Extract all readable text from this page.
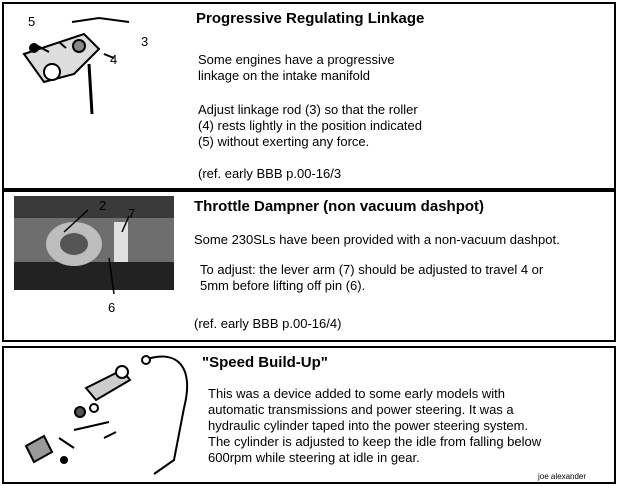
5
3
4
Progressive Regulating Linkage
Some engines have a progressive
linkage on the intake manifold
Adjust linkage rod (3) so that the roller
(4) rests lightly in the position indicated
(5) without exerting any force.
(ref. early BBB p.00-16/3
2
7
6
Throttle Dampner (non vacuum dashpot)
Some 230SLs have been provided with a non-vacuum dashpot.
To adjust: the lever arm (7) should be adjusted to travel 4 or
5mm before lifting off pin (6).
(ref. early BBB p.00-16/4)
"Speed Build-Up"
This was a device added to some early models with
automatic transmissions and power steering. It was a
hydraulic cylinder taped into the power steering system.
The cylinder is adjusted to keep the idle from falling below
600rpm while steering at idle in gear.
joe alexander
